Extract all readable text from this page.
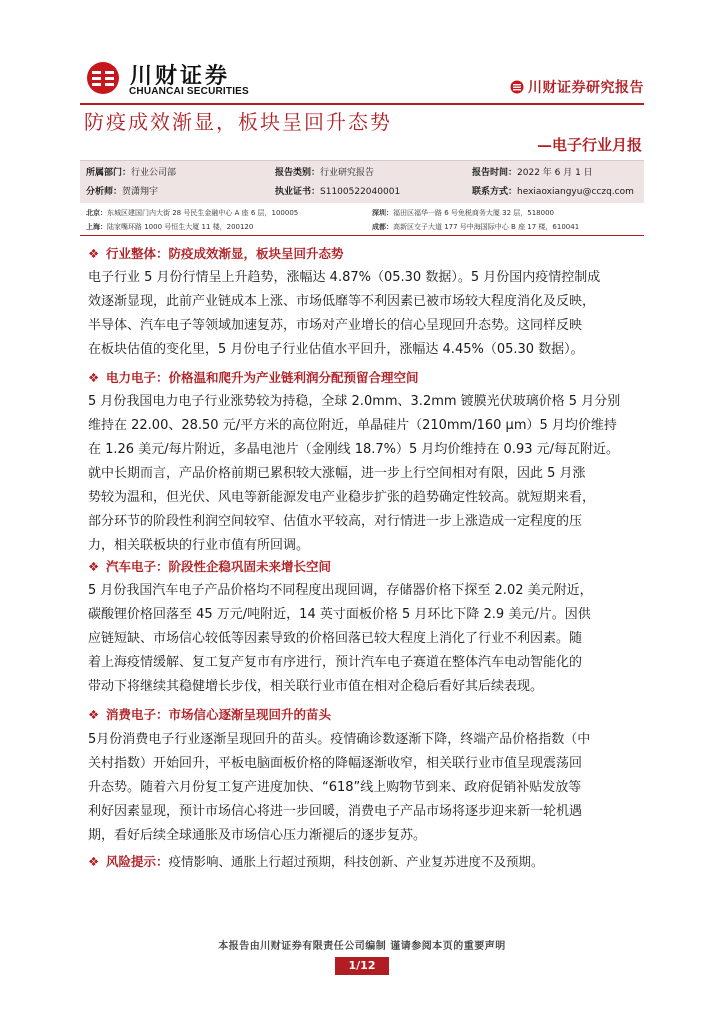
川财证券
CHUANCAI SECURITIES	川财证券研究报告
防疫成效渐显，板块呈回升态势
—电子行业月报
所属部门：行业公司部	报告类别：行业研究报告	报告时间：2022 年 6 月 1 日
分析师：贺潇翔宇	执业证书：S1100522040001	联系方式：hexiaoxiangyu@cczq.com
北京：东城区建国门内大街 28 号民生金融中心 A 座 6 层，100005	深圳：福田区福华一路 6 号免税商务大厦 32 层，518000
上海：陆家嘴环路 1000 号恒生大厦 11 楼，200120	成都：高新区交子大道 177 号中海国际中心 B 座 17 楼，610041
❖ 行业整体：防疫成效渐显，板块呈回升态势
电子行业 5 月份行情呈上升趋势，涨幅达 4.87%（05.30 数据）。5 月份国内疫情控制成
效逐渐显现，此前产业链成本上涨、市场低靡等不利因素已被市场较大程度消化及反映，
半导体、汽车电子等领域加速复苏，市场对产业增长的信心呈现回升态势。这同样反映
在板块估值的变化里，5 月份电子行业估值水平回升，涨幅达 4.45%（05.30 数据）。
❖ 电力电子：价格温和爬升为产业链利润分配预留合理空间
5 月份我国电力电子行业涨势较为持稳，全球 2.0mm、3.2mm 镀膜光伏玻璃价格 5 月分别
维持在 22.00、28.50 元/平方米的高位附近，单晶硅片（210mm/160 μm）5 月均价维持
在 1.26 美元/每片附近，多晶电池片（金刚线 18.7%）5 月均价维持在 0.93 元/每瓦附近。
就中长期而言，产品价格前期已累积较大涨幅，进一步上行空间相对有限，因此 5 月涨
势较为温和，但光伏、风电等新能源发电产业稳步扩张的趋势确定性较高。就短期来看，
部分环节的阶段性利润空间较窄、估值水平较高，对行情进一步上涨造成一定程度的压
力，相关联板块的行业市值有所回调。
❖ 汽车电子：阶段性企稳巩固未来增长空间
5 月份我国汽车电子产品价格均不同程度出现回调，存储器价格下探至 2.02 美元附近，
碳酸锂价格回落至 45 万元/吨附近，14 英寸面板价格 5 月环比下降 2.9 美元/片。因供
应链短缺、市场信心较低等因素导致的价格回落已较大程度上消化了行业不利因素。随
着上海疫情缓解、复工复产复市有序进行，预计汽车电子赛道在整体汽车电动智能化的
带动下将继续其稳健增长步伐，相关联行业市值在相对企稳后看好其后续表现。
❖ 消费电子：市场信心逐渐呈现回升的苗头
5月份消费电子行业逐渐呈现回升的苗头。疫情确诊数逐渐下降，终端产品价格指数（中
关村指数）开始回升，平板电脑面板价格的降幅逐渐收窄，相关联行业市值呈现震荡回
升态势。随着六月份复工复产进度加快、“618”线上购物节到来、政府促销补贴发放等
利好因素显现，预计市场信心将进一步回暖，消费电子产品市场将逐步迎来新一轮机遇
期，看好后续全球通胀及市场信心压力渐褪后的逐步复苏。
❖ 风险提示：疫情影响、通胀上行超过预期，科技创新、产业复苏进度不及预期。
本报告由川财证券有限责任公司编制 谨请参阅本页的重要声明
1/12
